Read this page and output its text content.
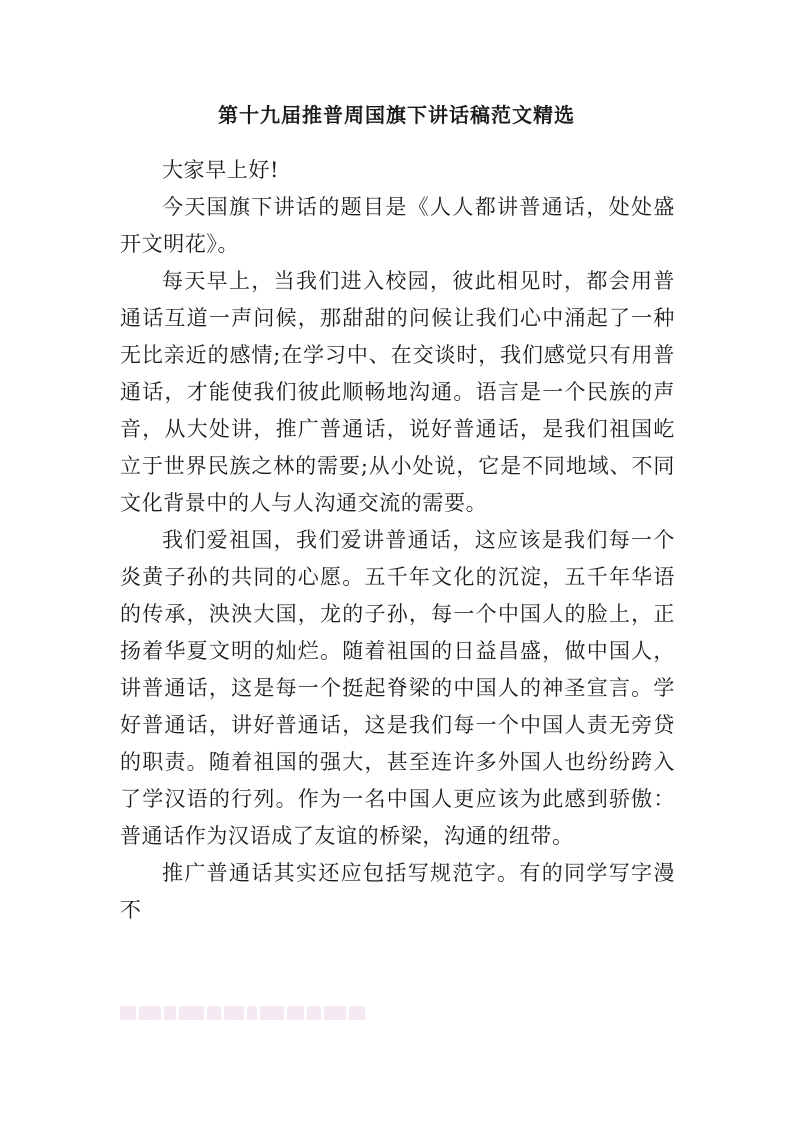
第十九届推普周国旗下讲话稿范文精选

大家早上好!

今天国旗下讲话的题目是《人人都讲普通话，处处盛开文明花》。

每天早上，当我们进入校园，彼此相见时，都会用普通话互道一声问候，那甜甜的问候让我们心中涌起了一种无比亲近的感情;在学习中、在交谈时，我们感觉只有用普通话，才能使我们彼此顺畅地沟通。语言是一个民族的声音，从大处讲，推广普通话，说好普通话，是我们祖国屹立于世界民族之林的需要;从小处说，它是不同地域、不同文化背景中的人与人沟通交流的需要。

我们爱祖国，我们爱讲普通话，这应该是我们每一个炎黄子孙的共同的心愿。五千年文化的沉淀，五千年华语的传承，泱泱大国，龙的子孙，每一个中国人的脸上，正扬着华夏文明的灿烂。随着祖国的日益昌盛，做中国人，讲普通话，这是每一个挺起脊梁的中国人的神圣宣言。学好普通话，讲好普通话，这是我们每一个中国人责无旁贷的职责。随着祖国的强大，甚至连许多外国人也纷纷跨入了学汉语的行列。作为一名中国人更应该为此感到骄傲：普通话作为汉语成了友谊的桥梁，沟通的纽带。

推广普通话其实还应包括写规范字。有的同学写字漫不
